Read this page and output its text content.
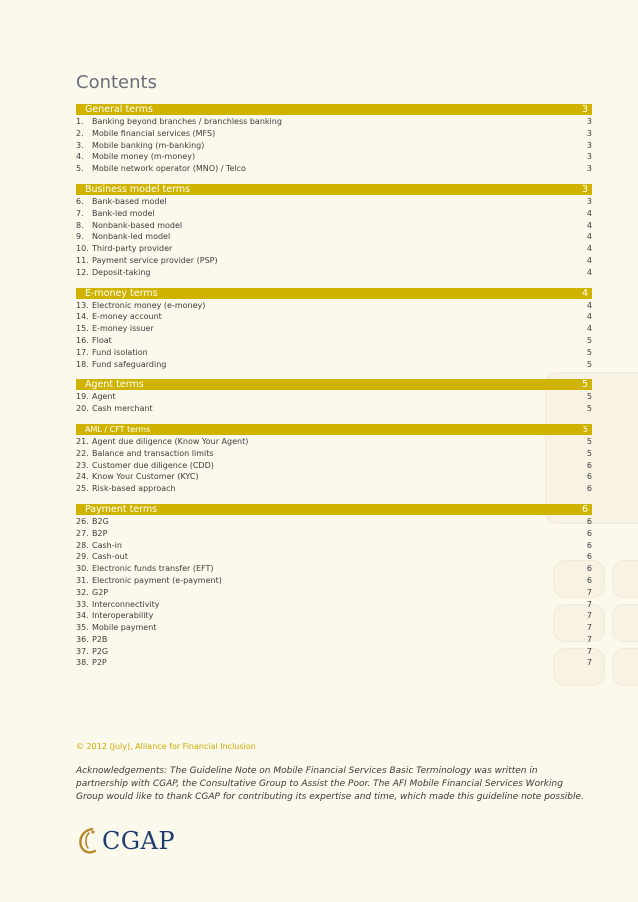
Contents
General terms	3
1. Banking beyond branches / branchless banking	3
2. Mobile financial services (MFS)	3
3. Mobile banking (m-banking)	3
4. Mobile money (m-money)	3
5. Mobile network operator (MNO) / Telco	3
Business model terms	3
6. Bank-based model	3
7. Bank-led model	4
8. Nonbank-based model	4
9. Nonbank-led model	4
10. Third-party provider	4
11. Payment service provider (PSP)	4
12. Deposit-taking	4
E-money terms	4
13. Electronic money (e-money)	4
14. E-money account	4
15. E-money issuer	4
16. Float	5
17. Fund isolation	5
18. Fund safeguarding	5
Agent terms	5
19. Agent	5
20. Cash merchant	5
AML / CFT terms	5
21. Agent due diligence (Know Your Agent)	5
22. Balance and transaction limits	5
23. Customer due diligence (CDD)	6
24. Know Your Customer (KYC)	6
25. Risk-based approach	6
Payment terms	6
26. B2G	6
27. B2P	6
28. Cash-in	6
29. Cash-out	6
30. Electronic funds transfer (EFT)	6
31. Electronic payment (e-payment)	6
32. G2P	7
33. Interconnectivity	7
34. Interoperability	7
35. Mobile payment	7
36. P2B	7
37. P2G	7
38. P2P	7
© 2012 (July), Alliance for Financial Inclusion
Acknowledgements: The Guideline Note on Mobile Financial Services Basic Terminology was written in partnership with CGAP, the Consultative Group to Assist the Poor. The AFI Mobile Financial Services Working Group would like to thank CGAP for contributing its expertise and time, which made this guideline note possible.
CGAP
